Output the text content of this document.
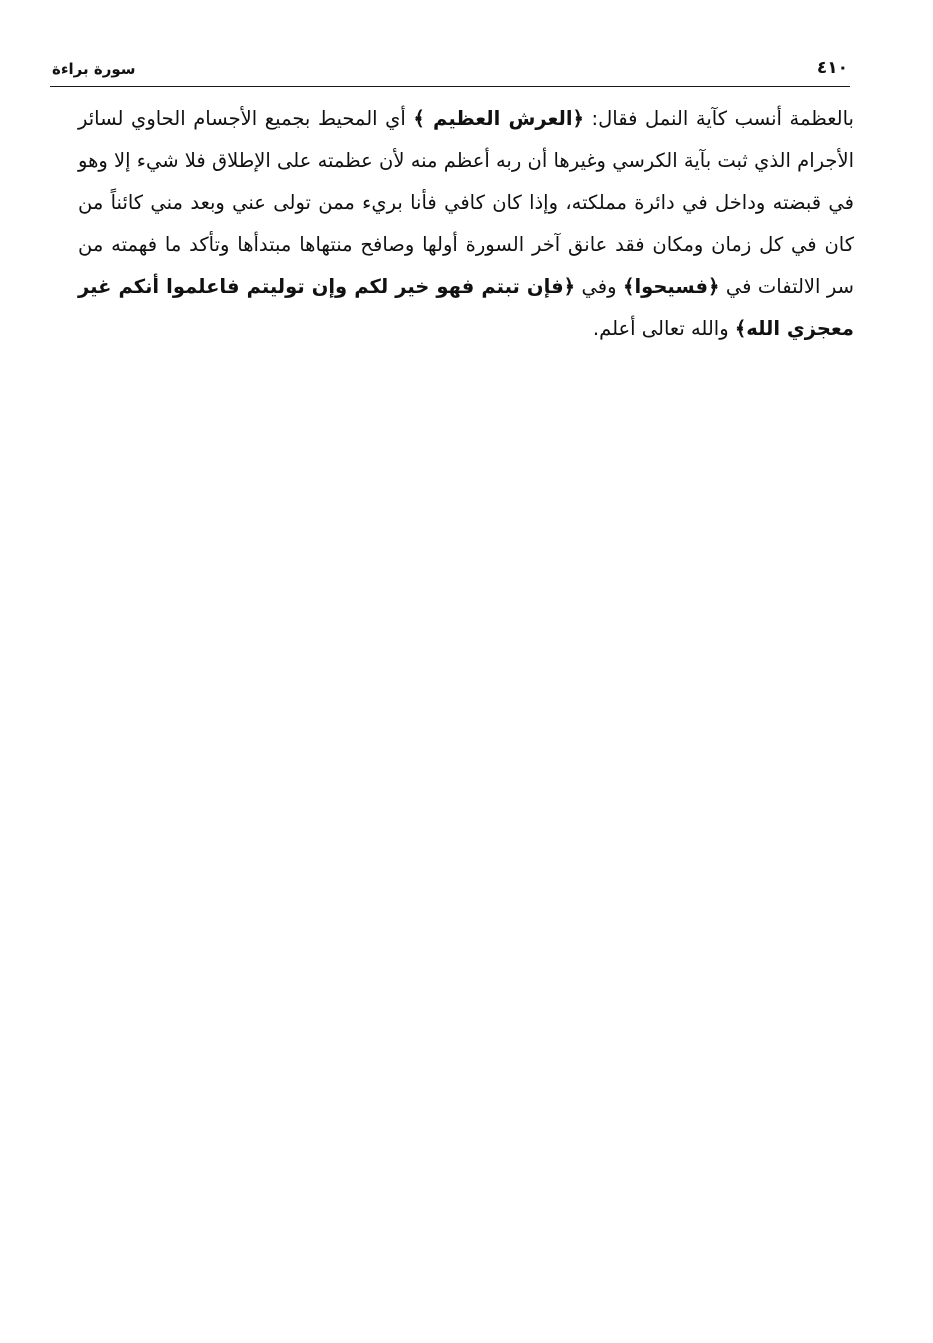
٤١٠
سورة براءة

بالعظمة أنسب كآية النمل فقال: ﴿العرش العظيم ﴾ أي المحيط بجميع الأجسام الحاوي لسائر الأجرام الذي ثبت بآية الكرسي وغيرها أن ربه أعظم منه لأن عظمته على الإطلاق فلا شيء إلا وهو في قبضته وداخل في دائرة مملكته، وإذا كان كافي فأنا بريء ممن تولى عني وبعد مني كائناً من كان في كل زمان ومكان فقد عانق آخر السورة أولها وصافح منتهاها مبتدأها وتأكد ما فهمته من سر الالتفات في ﴿فسيحوا﴾ وفي ﴿فإن تبتم فهو خير لكم وإن توليتم فاعلموا أنكم غير معجزي الله﴾ والله تعالى أعلم.
